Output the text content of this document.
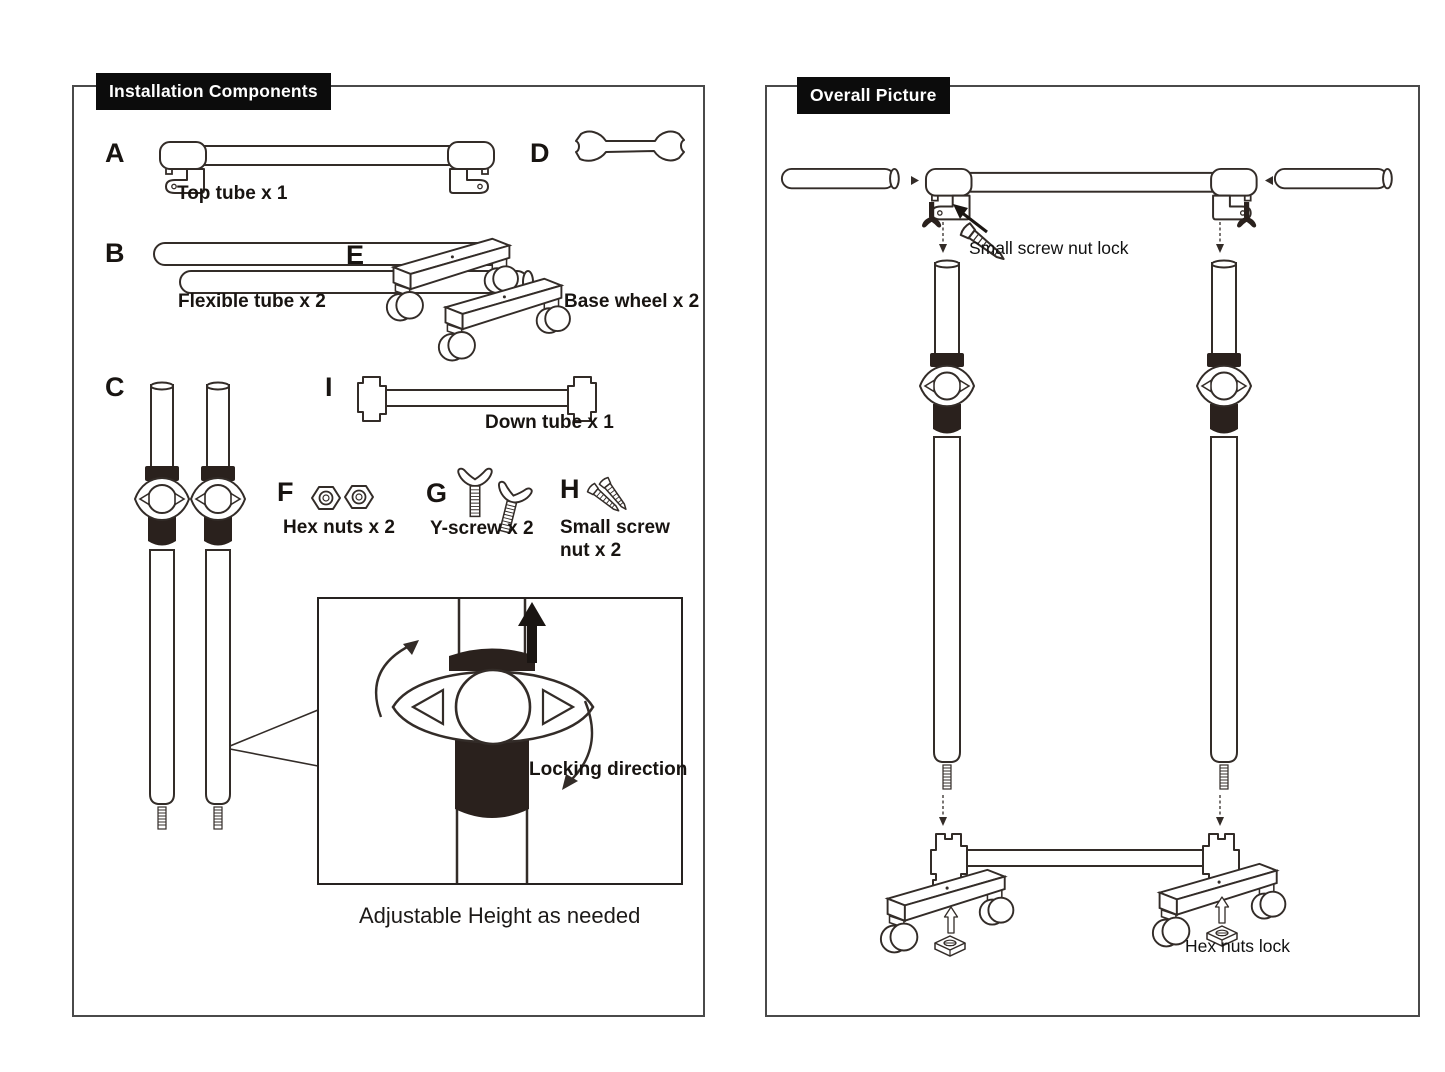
Installation Components
A
Top tube x 1
D
B
Flexible tube x 2
E
Base wheel x 2
C	I
Down tube x 1
F
Hex nuts x 2
G
Y-screw x 2
H
Small screw
nut x 2
Locking direction
Adjustable Height as needed
Overall Picture
Small screw nut lock
Hex nuts lock
